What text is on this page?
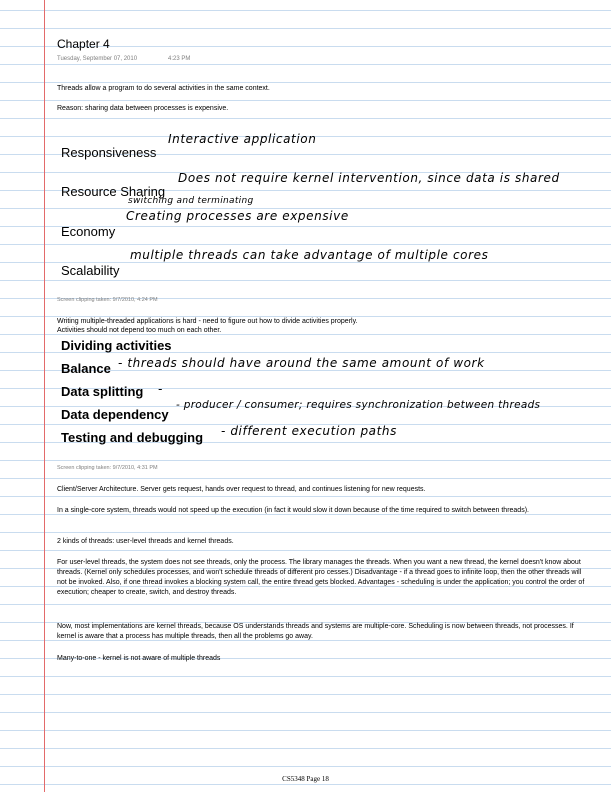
Chapter 4
Tuesday, September 07, 2010	4:23 PM
Threads allow a program to do several activities in the same context.
Reason: sharing data between processes is expensive.
Responsiveness
Interactive application
Resource Sharing
Does not require kernel intervention, since data is shared
Economy
switching and terminating
Creating processes are expensive
Scalability
multiple threads can take advantage of multiple cores
Screen clipping taken: 9/7/2010, 4:24 PM
Writing multiple-threaded applications is hard - need to figure out how to divide activities properly.
Activities should not depend too much on each other.
Dividing activities
Balance - threads should have around the same amount of work
Data splitting -
Data dependency
- producer / consumer; requires synchronization between threads
Testing and debugging - different execution paths
Screen clipping taken: 9/7/2010, 4:31 PM

Client/Server Architecture. Server gets request, hands over request to thread, and continues listening for new requests.

In a single-core system, threads would not speed up the execution (in fact it would slow it down because of the time required to switch between threads).

2 kinds of threads: user-level threads and kernel threads.

For user-level threads, the system does not see threads, only the process. The library manages the threads. When you want a new thread, the kernel doesn't know about threads. (Kernel only schedules processes, and won't schedule threads of different pro cesses.) Disadvantage - if a thread goes to infinite loop, then the other threads will not be invoked. Also, if one thread invokes a blocking system call, the entire thread gets blocked. Advantages - scheduling is under the application; you control the order of execution; cheaper to create, switch, and destroy threads.

Now, most implementations are kernel threads, because OS understands threads and systems are multiple-core. Scheduling is now between threads, not processes. If kernel is aware that a process has multiple threads, then all the problems go away.

Many-to-one - kernel is not aware of multiple threads

CS5348 Page 18
